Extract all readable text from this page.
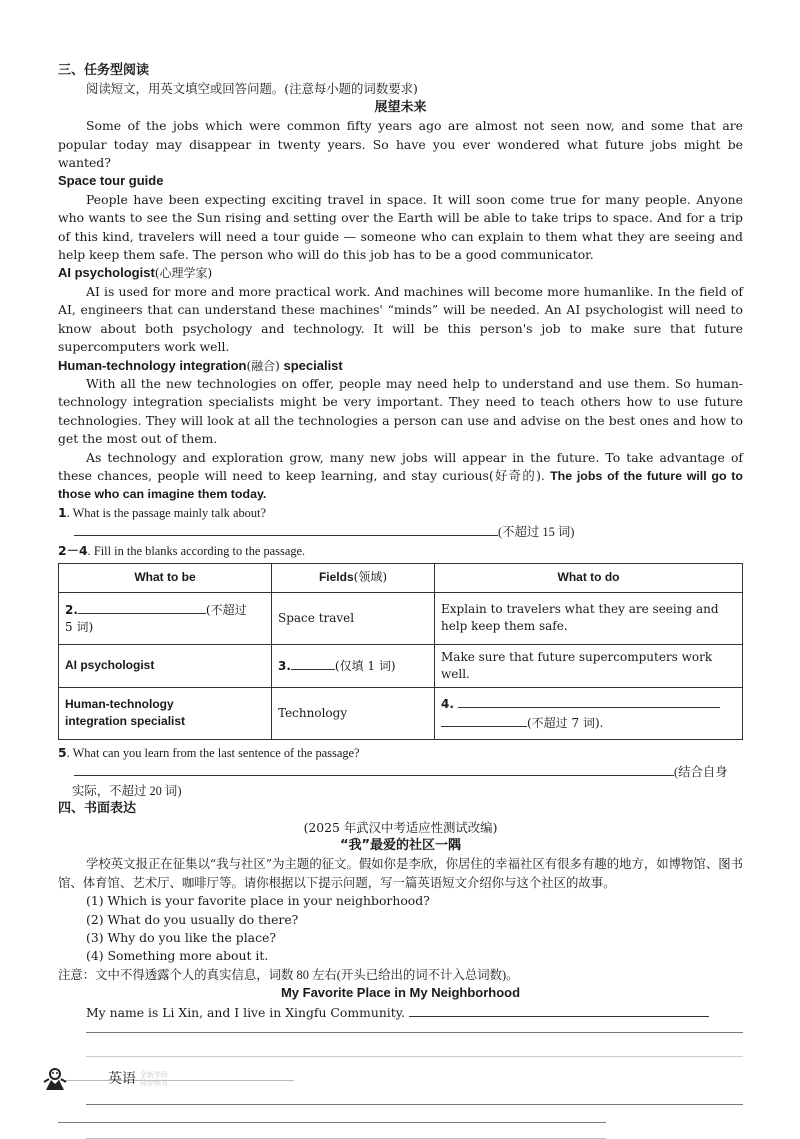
三、任务型阅读

阅读短文，用英文填空或回答问题。(注意每小题的词数要求)

展望未来

Some of the jobs which were common fifty years ago are almost not seen now, and some that are popular today may disappear in twenty years. So have you ever wondered what future jobs might be wanted?

Space tour guide

People have been expecting exciting travel in space. It will soon come true for many people. Anyone who wants to see the Sun rising and setting over the Earth will be able to take trips to space. And for a trip of this kind, travelers will need a tour guide — someone who can explain to them what they are seeing and help keep them safe. The person who will do this job has to be a good communicator.

AI psychologist(心理学家)

AI is used for more and more practical work. And machines will become more humanlike. In the field of AI, engineers that can understand these machines' “minds” will be needed. An AI psychologist will need to know about both psychology and technology. It will be this person's job to make sure that future supercomputers work well.

Human-technology integration(融合) specialist

With all the new technologies on offer, people may need help to understand and use them. So human-technology integration specialists might be very important. They need to teach others how to use future technologies. They will look at all the technologies a person can use and advise on the best ones and how to get the most out of them.

As technology and exploration grow, many new jobs will appear in the future. To take advantage of these chances, people will need to keep learning, and stay curious(好奇的). The jobs of the future will go to those who can imagine them today.

1. What is the passage mainly talk about?

(不超过 15 词)

2－4. Fill in the blanks according to the passage.

What to be	Fields(领域)	What to do
2. (不超过
5 词)	Space travel	Explain to travelers what they are seeing and help keep them safe.
AI psychologist	3. (仅填 1 词)	Make sure that future supercomputers work well.
Human-technology
integration specialist	Technology	4.
(不超过 7 词).

5. What can you learn from the last sentence of the passage?

(结合自身

实际，不超过 20 词)

四、书面表达

(2025 年武汉中考适应性测试改编)

“我”最爱的社区一隅

学校英文报正在征集以“我与社区”为主题的征文。假如你是李欣，你居住的幸福社区有很多有趣的地方，如博物馆、图书馆、体育馆、艺术厅、咖啡厅等。请你根据以下提示问题，写一篇英语短文介绍你与这个社区的故事。

(1) Which is your favorite place in your neighborhood?

(2) What do you usually do there?

(3) Why do you like the place?

(4) Something more about it.

注意：文中不得透露个人的真实信息，词数 80 左右(开头已给出的词不计入总词数)。

My Favorite Place in My Neighborhood

My name is Li Xin, and I live in Xingfu Community.

英语 全新学段
同步练习
